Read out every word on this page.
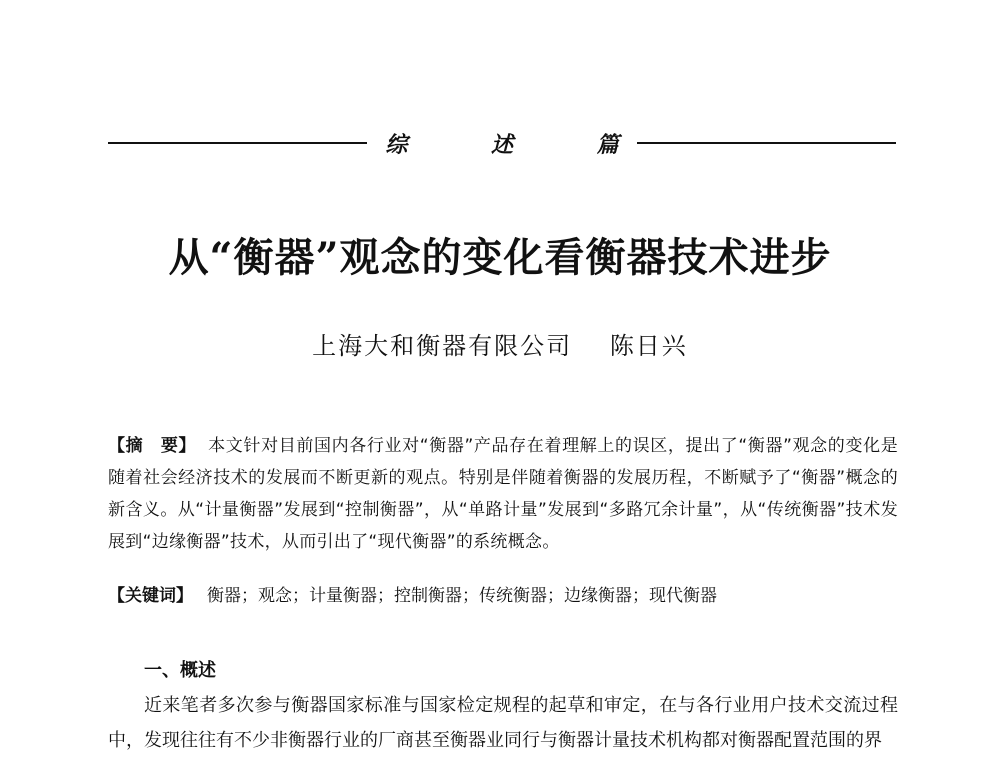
综 述 篇
从“衡器”观念的变化看衡器技术进步
上海大和衡器有限公司 陈日兴
【摘　要】 本文针对目前国内各行业对“衡器”产品存在着理解上的误区，提出了“衡器”观念的变化是随着社会经济技术的发展而不断更新的观点。特别是伴随着衡器的发展历程，不断赋予了“衡器”概念的新含义。从“计量衡器”发展到“控制衡器”，从“单路计量”发展到“多路冗余计量”，从“传统衡器”技术发展到“边缘衡器”技术，从而引出了“现代衡器”的系统概念。
【关键词】 衡器；观念；计量衡器；控制衡器；传统衡器；边缘衡器；现代衡器
一、概述
近来笔者多次参与衡器国家标准与国家检定规程的起草和审定，在与各行业用户技术交流过程中，发现往往有不少非衡器行业的厂商甚至衡器业同行与衡器计量技术机构都对衡器配置范围的界
